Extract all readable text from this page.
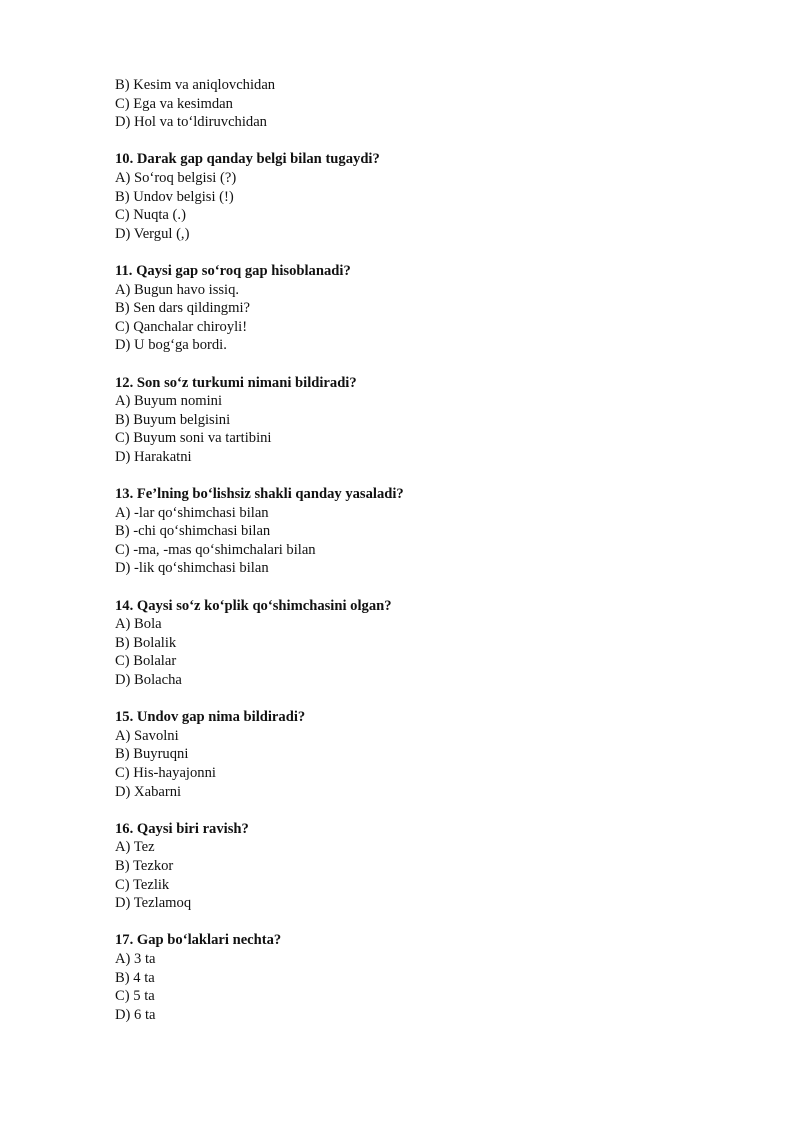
B) Kesim va aniqlovchidan
C) Ega va kesimdan
D) Hol va to‘ldiruvchidan
10. Darak gap qanday belgi bilan tugaydi?
A) So‘roq belgisi (?)
B) Undov belgisi (!)
C) Nuqta (.)
D) Vergul (,)
11. Qaysi gap so‘roq gap hisoblanadi?
A) Bugun havo issiq.
B) Sen dars qildingmi?
C) Qanchalar chiroyli!
D) U bog‘ga bordi.
12. Son so‘z turkumi nimani bildiradi?
A) Buyum nomini
B) Buyum belgisini
C) Buyum soni va tartibini
D) Harakatni
13. Fe’lning bo‘lishsiz shakli qanday yasaladi?
A) -lar qo‘shimchasi bilan
B) -chi qo‘shimchasi bilan
C) -ma, -mas qo‘shimchalari bilan
D) -lik qo‘shimchasi bilan
14. Qaysi so‘z ko‘plik qo‘shimchasini olgan?
A) Bola
B) Bolalik
C) Bolalar
D) Bolacha
15. Undov gap nima bildiradi?
A) Savolni
B) Buyruqni
C) His-hayajonni
D) Xabarni
16. Qaysi biri ravish?
A) Tez
B) Tezkor
C) Tezlik
D) Tezlamoq
17. Gap bo‘laklari nechta?
A) 3 ta
B) 4 ta
C) 5 ta
D) 6 ta
